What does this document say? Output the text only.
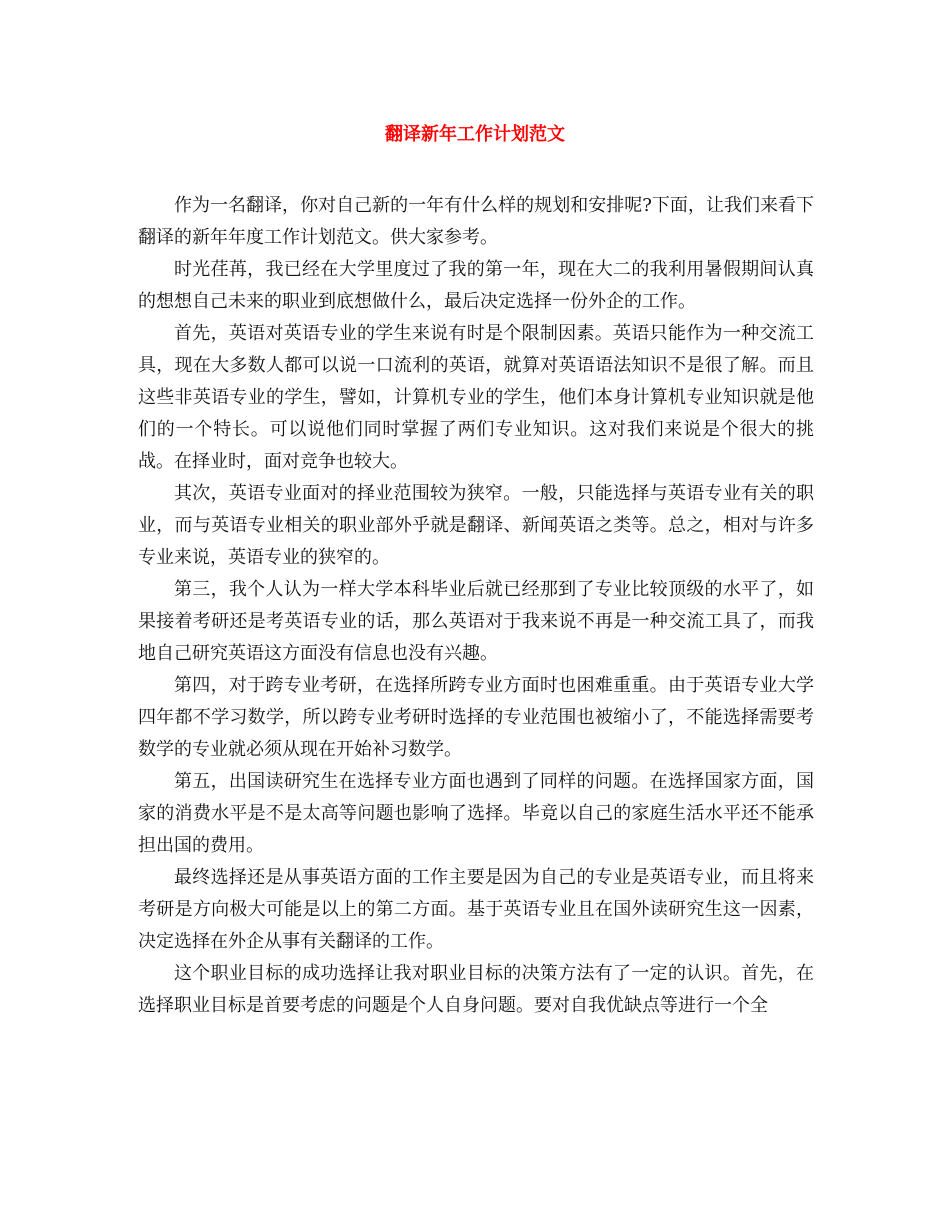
翻译新年工作计划范文

作为一名翻译，你对自己新的一年有什么样的规划和安排呢?下面，让我们来看下翻译的新年年度工作计划范文。供大家参考。

时光荏苒，我已经在大学里度过了我的第一年，现在大二的我利用暑假期间认真的想想自己未来的职业到底想做什么，最后决定选择一份外企的工作。

首先，英语对英语专业的学生来说有时是个限制因素。英语只能作为一种交流工具，现在大多数人都可以说一口流利的英语，就算对英语语法知识不是很了解。而且这些非英语专业的学生，譬如，计算机专业的学生，他们本身计算机专业知识就是他们的一个特长。可以说他们同时掌握了两们专业知识。这对我们来说是个很大的挑战。在择业时，面对竞争也较大。

其次，英语专业面对的择业范围较为狭窄。一般，只能选择与英语专业有关的职业，而与英语专业相关的职业部外乎就是翻译、新闻英语之类等。总之，相对与许多专业来说，英语专业的狭窄的。

第三，我个人认为一样大学本科毕业后就已经那到了专业比较顶级的水平了，如果接着考研还是考英语专业的话，那么英语对于我来说不再是一种交流工具了，而我地自己研究英语这方面没有信息也没有兴趣。

第四，对于跨专业考研，在选择所跨专业方面时也困难重重。由于英语专业大学四年都不学习数学，所以跨专业考研时选择的专业范围也被缩小了，不能选择需要考数学的专业就必须从现在开始补习数学。

第五，出国读研究生在选择专业方面也遇到了同样的问题。在选择国家方面，国家的消费水平是不是太高等问题也影响了选择。毕竟以自己的家庭生活水平还不能承担出国的费用。

最终选择还是从事英语方面的工作主要是因为自己的专业是英语专业，而且将来考研是方向极大可能是以上的第二方面。基于英语专业且在国外读研究生这一因素，决定选择在外企从事有关翻译的工作。

这个职业目标的成功选择让我对职业目标的决策方法有了一定的认识。首先，在选择职业目标是首要考虑的问题是个人自身问题。要对自我优缺点等进行一个全
